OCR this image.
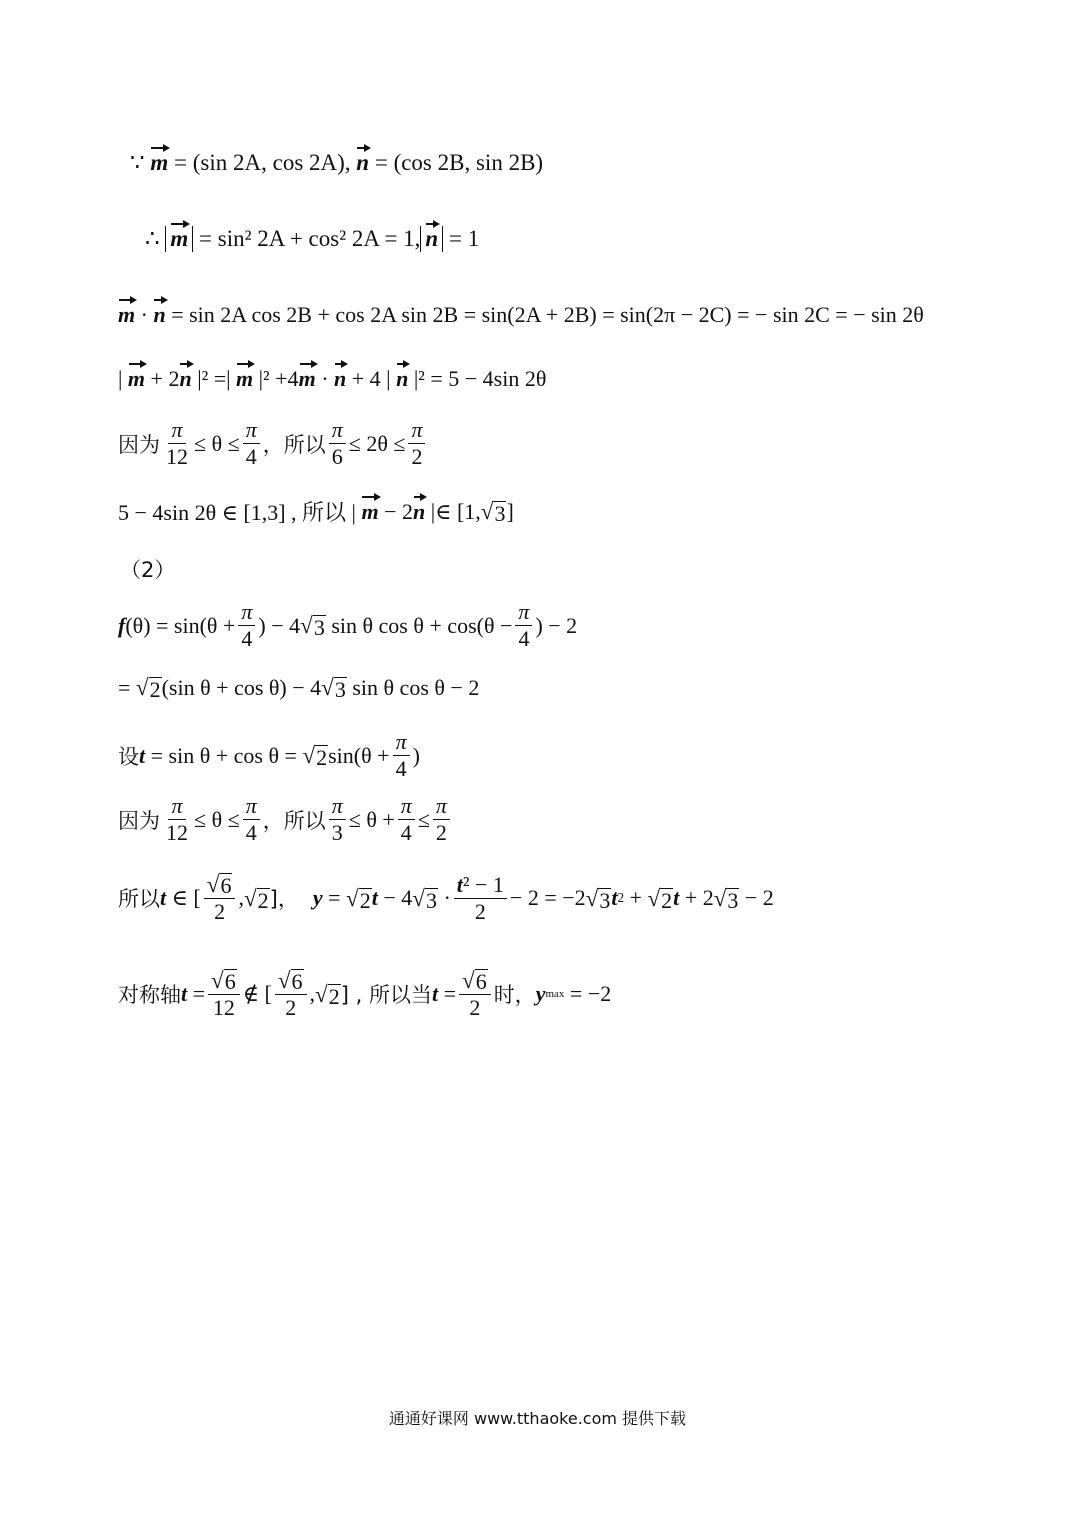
∵
m
= (sin 2A, cos 2A),
n
= (cos 2B, sin 2B)
∴
m
= sin² 2A + cos² 2A = 1, n
= 1
m
·
n
= sin 2A cos 2B + cos 2A sin 2B = sin(2A + 2B) = sin(2π − 2C) = − sin 2C = − sin 2θ
|
m
+ 2 n
|² =|
m
|² +4 m
·
n
+ 4 |
n
|² = 5 − 4sin 2θ
因为 $\frac{\pi}{12} \le \theta \le \frac{\pi}{4}$ ，所以 $\frac{\pi}{6} \le 2\theta \le \frac{\pi}{2}$
5 − 4sin 2θ ∈ [1,3] , 所以 |
m
− 2 n
|∈ [1, √ 3 ]
（2）
f $(\theta) = \sin(\theta + \frac{\pi}{4}$ ) − 4 √ 3
sin θ $\cos \theta + \cos(\theta - \frac{\pi}{4}$ ) − 2
=
√ 2 (sin θ + cos θ) − 4 √ 3
sin θ cos θ − 2
设 t
= sin θ + cos θ =
√ 2 $\sin(\theta + \frac{\pi}{4}$ )
因为 $\frac{\pi}{12} \le \theta \le \frac{\pi}{4}$ ，所以 $\frac{\pi}{3} \le \theta + \frac{\pi}{4} \le \frac{\pi}{2}$
所以 t
∈ [ $\frac{√ 6}{2}$ , √ 2 ]， y
=
√ 2 t
− 4 √ 3
· $\frac{\text{t² − 1}}{2} - 2 = -2$ √ 3 t 2
+
√ 2 t
+ 2 √ 3
− 2
对称轴 t
= $\frac{√ 6}{12}$ ∉ [ $\frac{√ 6}{2}$ , √ 2 ] , 所以当 t
= $\frac{√ 6}{2}$ 时， y max
= −2
通通好课网 www.tthaoke.com 提供下载
